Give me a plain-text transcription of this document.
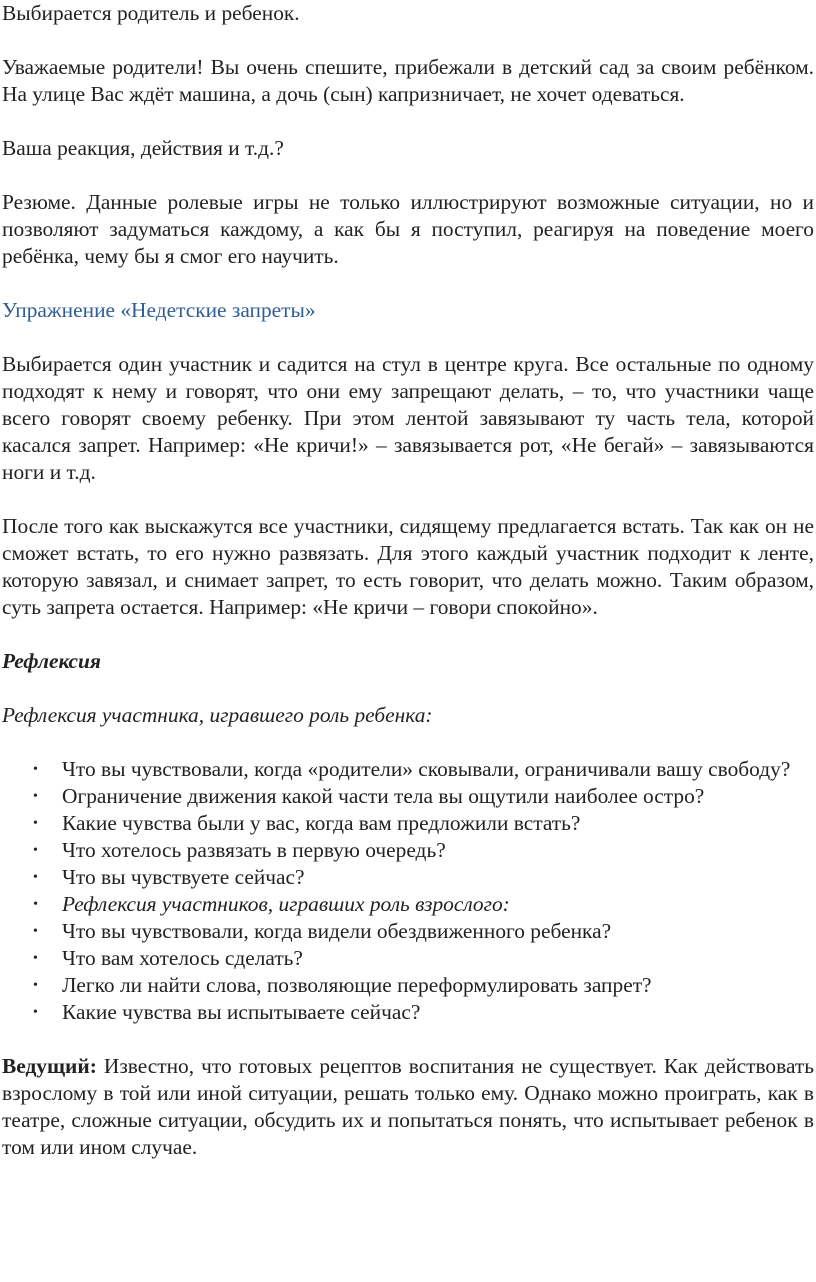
Выбирается родитель и ребенок.

Уважаемые родители! Вы очень спешите, прибежали в детский сад за своим ребёнком. На улице Вас ждёт машина, а дочь (сын) капризничает, не хочет одеваться.

Ваша реакция, действия и т.д.?

Резюме. Данные ролевые игры не только иллюстрируют возможные ситуации, но и позволяют задуматься каждому, а как бы я поступил, реагируя на поведение моего ребёнка, чему бы я смог его научить.

Упражнение «Недетские запреты»

Выбирается один участник и садится на стул в центре круга. Все остальные по одному подходят к нему и говорят, что они ему запрещают делать, – то, что участники чаще всего говорят своему ребенку. При этом лентой завязывают ту часть тела, которой касался запрет. Например: «Не кричи!» – завязывается рот, «Не бегай» – завязываются ноги и т.д.

После того как выскажутся все участники, сидящему предлагается встать. Так как он не сможет встать, то его нужно развязать. Для этого каждый участник подходит к ленте, которую завязал, и снимает запрет, то есть говорит, что делать можно. Таким образом, суть запрета остается. Например: «Не кричи – говори спокойно».

Рефлексия

Рефлексия участника, игравшего роль ребенка:

• Что вы чувствовали, когда «родители» сковывали, ограничивали вашу свободу?
• Ограничение движения какой части тела вы ощутили наиболее остро?
• Какие чувства были у вас, когда вам предложили встать?
• Что хотелось развязать в первую очередь?
• Что вы чувствуете сейчас?
• Рефлексия участников, игравших роль взрослого:
• Что вы чувствовали, когда видели обездвиженного ребенка?
• Что вам хотелось сделать?
• Легко ли найти слова, позволяющие переформулировать запрет?
• Какие чувства вы испытываете сейчас?

Ведущий: Известно, что готовых рецептов воспитания не существует. Как действовать взрослому в той или иной ситуации, решать только ему. Однако можно проиграть, как в театре, сложные ситуации, обсудить их и попытаться понять, что испытывает ребенок в том или ином случае.
